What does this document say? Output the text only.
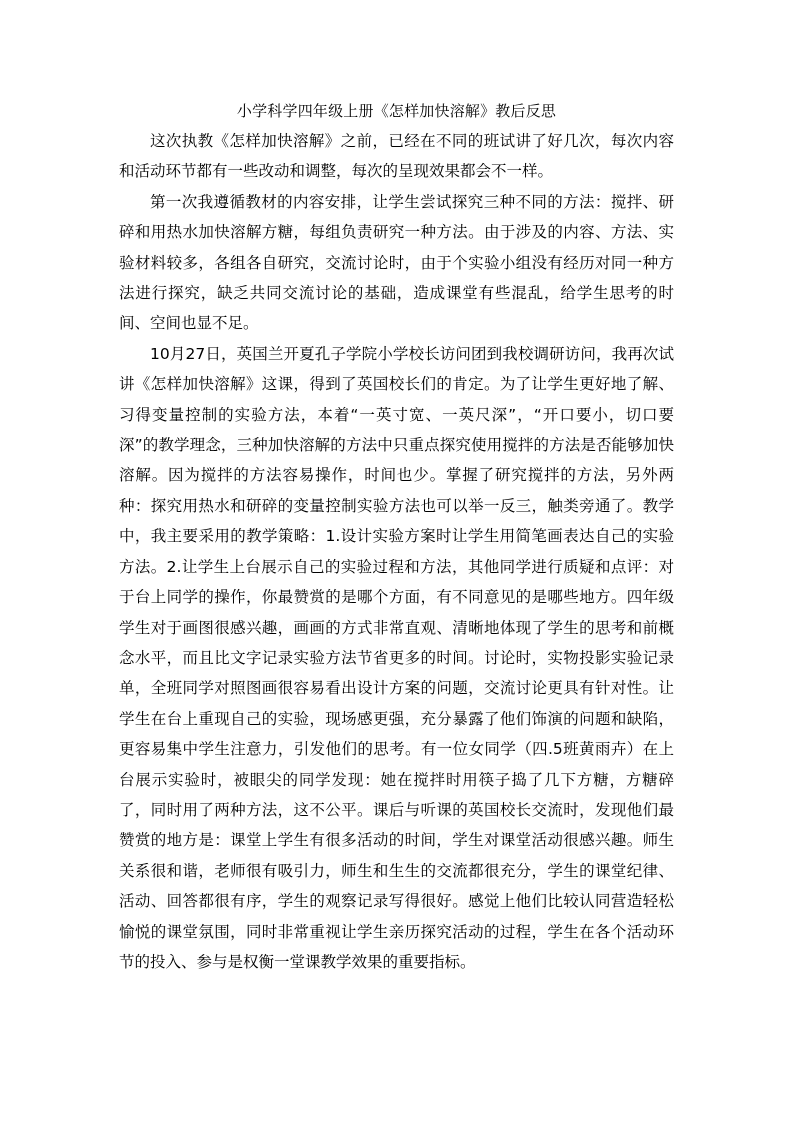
小学科学四年级上册《怎样加快溶解》教后反思

这次执教《怎样加快溶解》之前，已经在不同的班试讲了好几次，每次内容和活动环节都有一些改动和调整，每次的呈现效果都会不一样。

第一次我遵循教材的内容安排，让学生尝试探究三种不同的方法：搅拌、研碎和用热水加快溶解方糖，每组负责研究一种方法。由于涉及的内容、方法、实验材料较多，各组各自研究，交流讨论时，由于个实验小组没有经历对同一种方法进行探究，缺乏共同交流讨论的基础，造成课堂有些混乱，给学生思考的时间、空间也显不足。

10月27日，英国兰开夏孔子学院小学校长访问团到我校调研访问，我再次试讲《怎样加快溶解》这课，得到了英国校长们的肯定。为了让学生更好地了解、习得变量控制的实验方法，本着“一英寸宽、一英尺深”，“开口要小，切口要深”的教学理念，三种加快溶解的方法中只重点探究使用搅拌的方法是否能够加快溶解。因为搅拌的方法容易操作，时间也少。掌握了研究搅拌的方法，另外两种：探究用热水和研碎的变量控制实验方法也可以举一反三，触类旁通了。教学中，我主要采用的教学策略：1.设计实验方案时让学生用简笔画表达自己的实验方法。2.让学生上台展示自己的实验过程和方法，其他同学进行质疑和点评：对于台上同学的操作，你最赞赏的是哪个方面，有不同意见的是哪些地方。四年级学生对于画图很感兴趣，画画的方式非常直观、清晰地体现了学生的思考和前概念水平，而且比文字记录实验方法节省更多的时间。讨论时，实物投影实验记录单，全班同学对照图画很容易看出设计方案的问题，交流讨论更具有针对性。让学生在台上重现自己的实验，现场感更强，充分暴露了他们饰演的问题和缺陷，更容易集中学生注意力，引发他们的思考。有一位女同学（四.5班黄雨卉）在上台展示实验时，被眼尖的同学发现：她在搅拌时用筷子捣了几下方糖，方糖碎了，同时用了两种方法，这不公平。课后与听课的英国校长交流时，发现他们最赞赏的地方是：课堂上学生有很多活动的时间，学生对课堂活动很感兴趣。师生关系很和谐，老师很有吸引力，师生和生生的交流都很充分，学生的课堂纪律、活动、回答都很有序，学生的观察记录写得很好。感觉上他们比较认同营造轻松愉悦的课堂氛围，同时非常重视让学生亲历探究活动的过程，学生在各个活动环节的投入、参与是权衡一堂课教学效果的重要指标。
